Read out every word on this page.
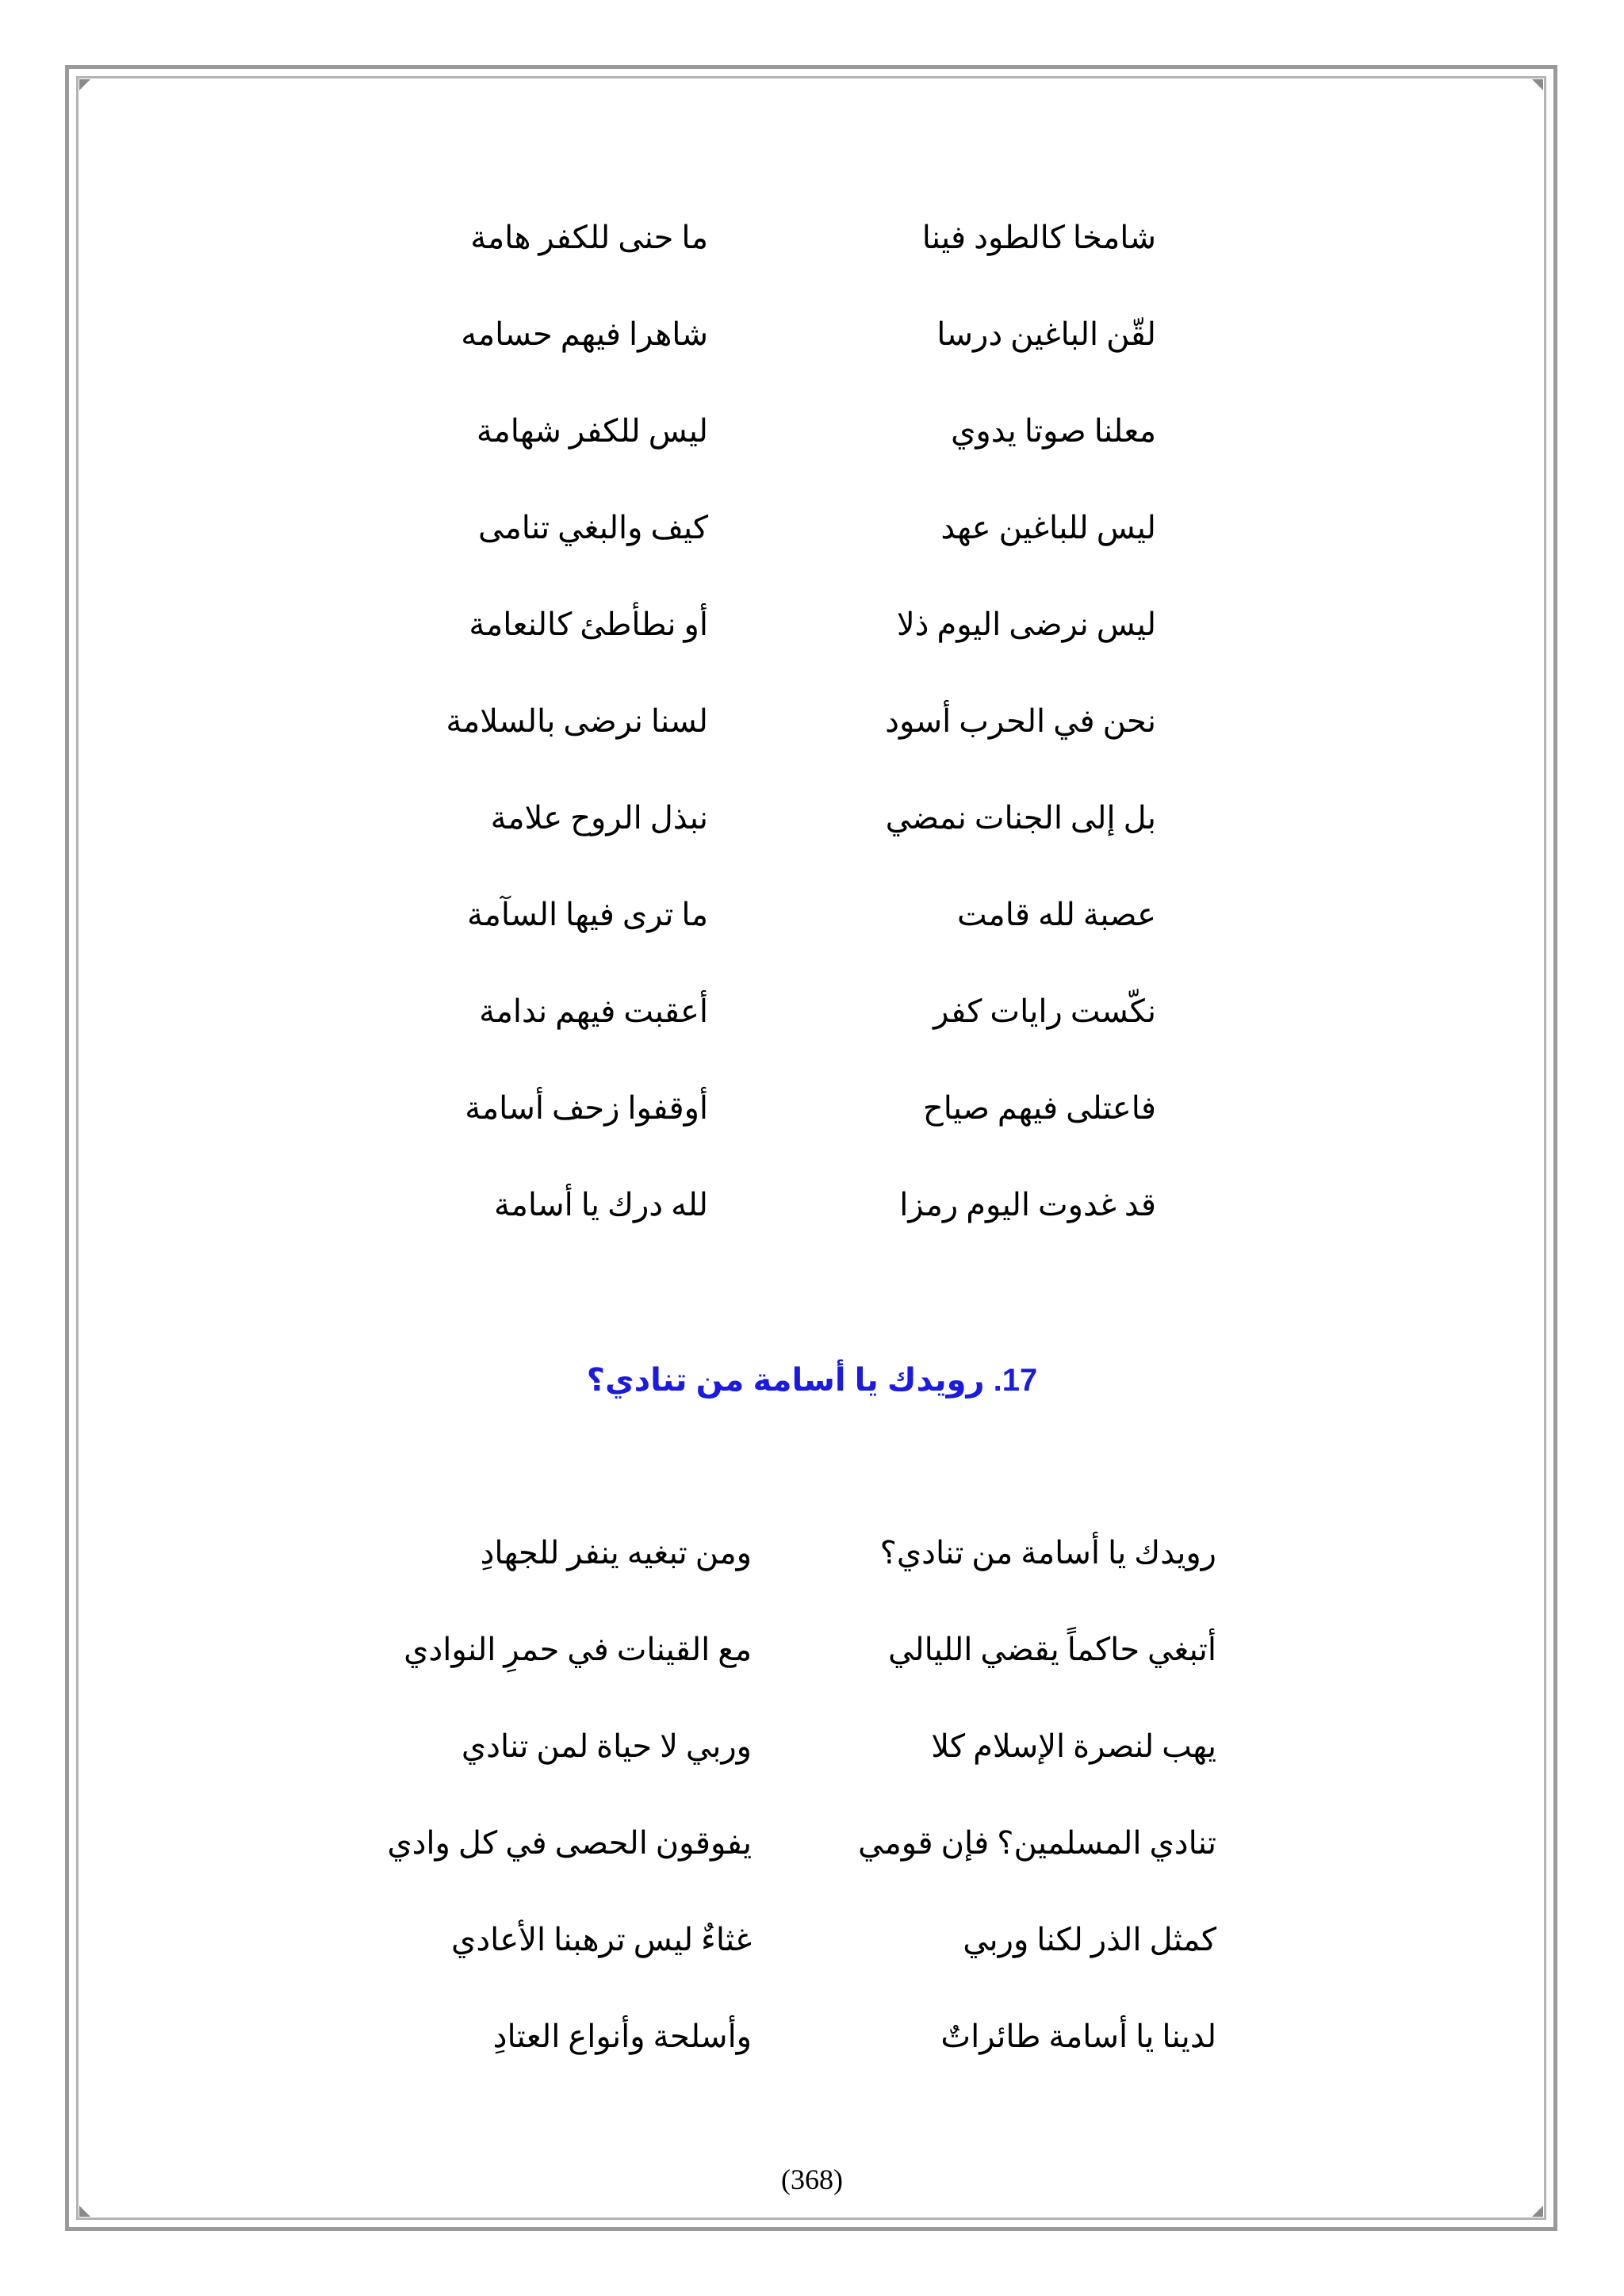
شامخا كالطود فينا
ما حنى للكفر هامة
لقّن الباغين درسا
شاهرا فيهم حسامه
معلنا صوتا يدوي
ليس للكفر شهامة
ليس للباغين عهد
كيف والبغي تنامى
ليس نرضى اليوم ذلا
أو نطأطئ كالنعامة
نحن في الحرب أسود
لسنا نرضى بالسلامة
بل إلى الجنات نمضي
نبذل الروح علامة
عصبة لله قامت
ما ترى فيها السآمة
نكّست رايات كفر
أعقبت فيهم ندامة
فاعتلى فيهم صياح
أوقفوا زحف أسامة
قد غدوت اليوم رمزا
لله درك يا أسامة
17. رويدك يا أسامة من تنادي؟
رويدك يا أسامة من تنادي؟
ومن تبغيه ينفر للجهادِ
أتبغي حاكماً يقضي الليالي
مع القينات في حمرِ النوادي
يهب لنصرة الإسلام كلا
وربي لا حياة لمن تنادي
تنادي المسلمين؟ فإن قومي
يفوقون الحصى في كل وادي
كمثل الذر لكنا وربي
غثاءٌ ليس ترهبنا الأعادي
لدينا يا أسامة طائراتٌ
وأسلحة وأنواع العتادِ
(368)
